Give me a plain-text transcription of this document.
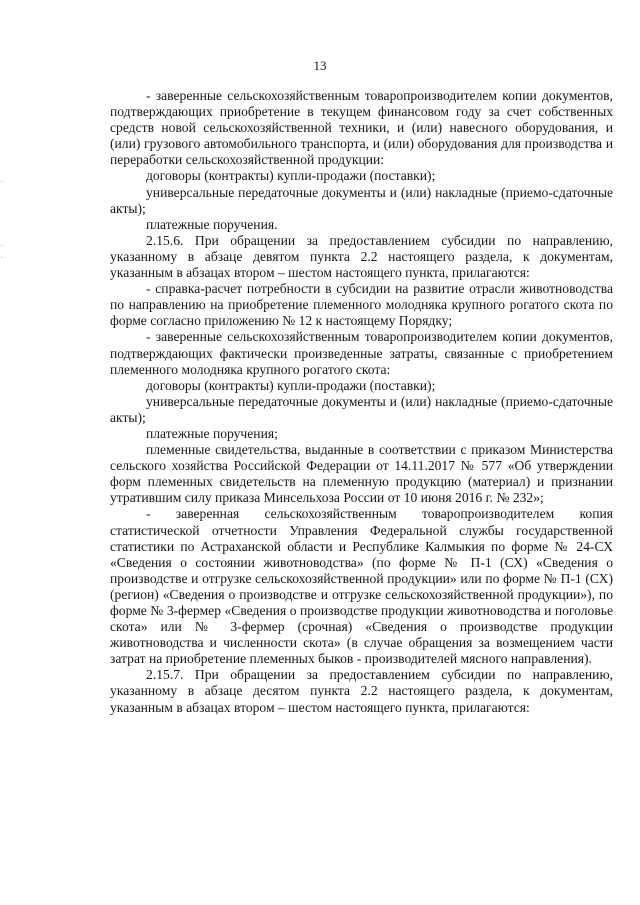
13
·
·
·

- заверенные сельскохозяйственным товаропроизводителем копии документов, подтверждающих приобретение в текущем финансовом году за счет собственных средств новой сельскохозяйственной техники, и (или) навесного оборудования, и (или) грузового автомобильного транспорта, и (или) оборудования для производства и переработки сельскохозяйственной продукции:

договоры (контракты) купли-продажи (поставки);

универсальные передаточные документы и (или) накладные (приемо-сдаточные акты);

платежные поручения.

2.15.6. При обращении за предоставлением субсидии по направлению, указанному в абзаце девятом пункта 2.2 настоящего раздела, к документам, указанным в абзацах втором – шестом настоящего пункта, прилагаются:

- справка-расчет потребности в субсидии на развитие отрасли животноводства по направлению на приобретение племенного молодняка крупного рогатого скота по форме согласно приложению № 12 к настоящему Порядку;

- заверенные сельскохозяйственным товаропроизводителем копии документов, подтверждающих фактически произведенные затраты, связанные с приобретением племенного молодняка крупного рогатого скота:

договоры (контракты) купли-продажи (поставки);

универсальные передаточные документы и (или) накладные (приемо-сдаточные акты);

платежные поручения;

племенные свидетельства, выданные в соответствии с приказом Министерства сельского хозяйства Российской Федерации от 14.11.2017 № 577 «Об утверждении форм племенных свидетельств на племенную продукцию (материал) и признании утратившим силу приказа Минсельхоза России от 10 июня 2016 г. № 232»;

- заверенная сельскохозяйственным товаропроизводителем копия статистической отчетности Управления Федеральной службы государственной статистики по Астраханской области и Республике Калмыкия по форме № 24-СХ «Сведения о состоянии животноводства» (по форме № П-1 (СХ) «Сведения о производстве и отгрузке сельскохозяйственной продукции» или по форме № П-1 (СХ) (регион) «Сведения о производстве и отгрузке сельскохозяйственной продукции»), по форме № 3-фермер «Сведения о производстве продукции животноводства и поголовье скота» или № 3-фермер (срочная) «Сведения о производстве продукции животноводства и численности скота» (в случае обращения за возмещением части затрат на приобретение племенных быков - производителей мясного направления).

2.15.7. При обращении за предоставлением субсидии по направлению, указанному в абзаце десятом пункта 2.2 настоящего раздела, к документам, указанным в абзацах втором – шестом настоящего пункта, прилагаются:
